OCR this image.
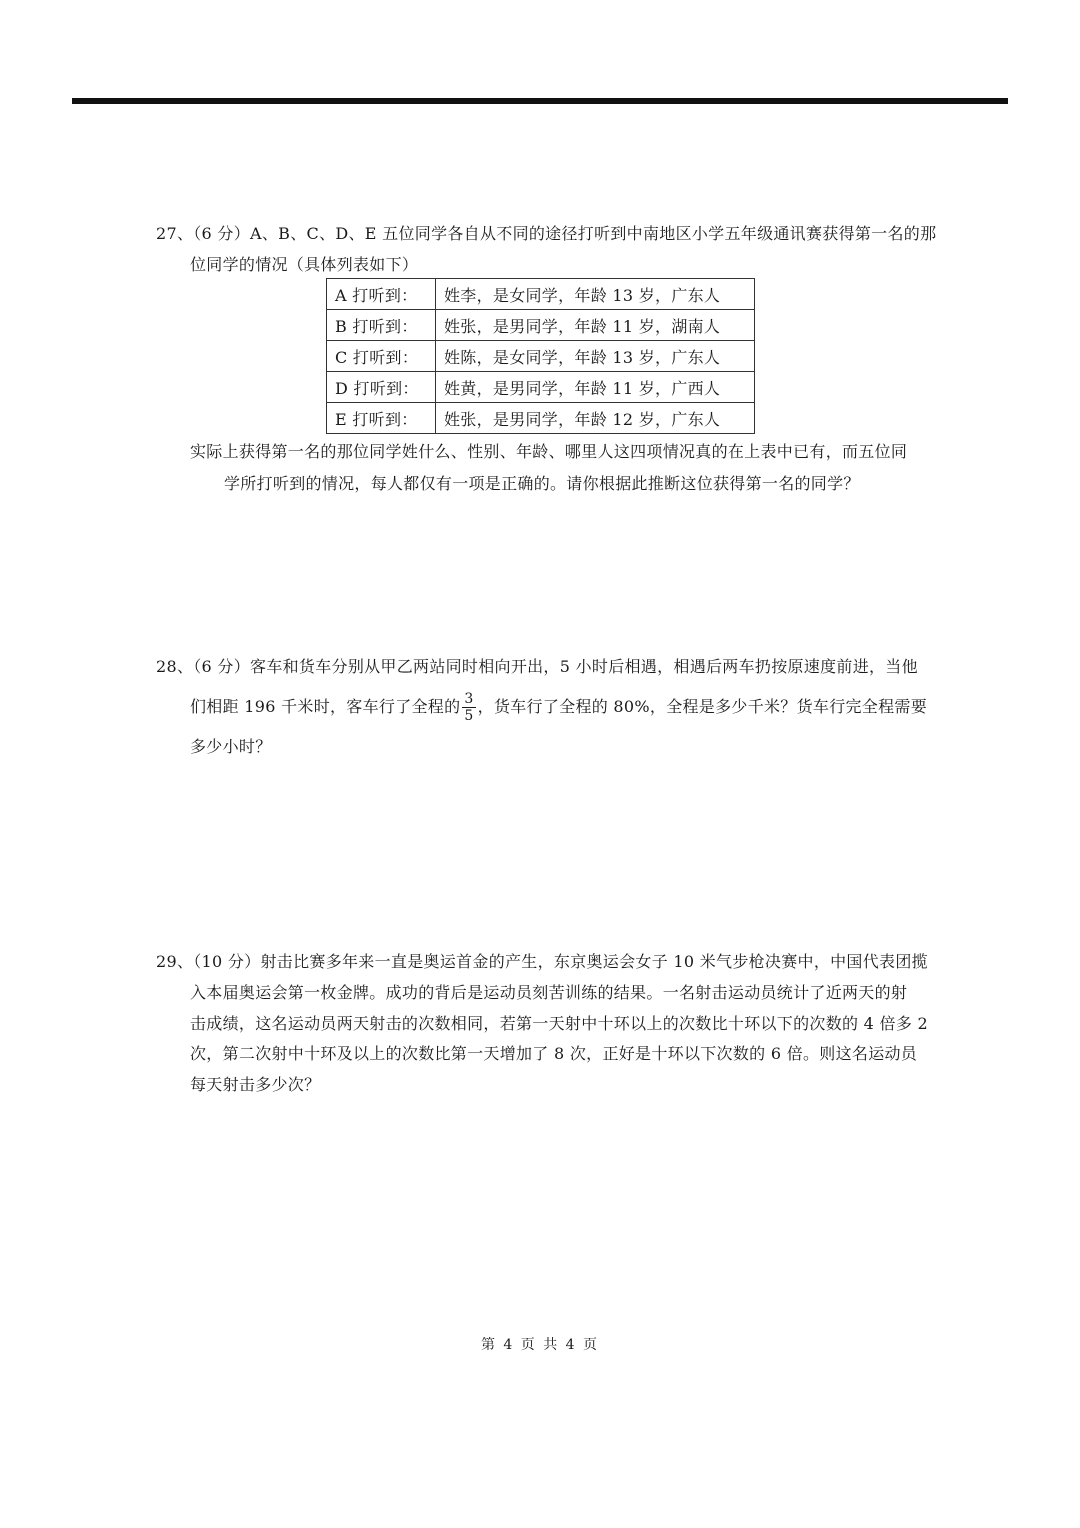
27、（6 分）A、B、C、D、E 五位同学各自从不同的途径打听到中南地区小学五年级通讯赛获得第一名的那
位同学的情况（具体列表如下）
A 打听到：	姓李，是女同学，年龄 13 岁，广东人
B 打听到：	姓张，是男同学，年龄 11 岁，湖南人
C 打听到：	姓陈，是女同学，年龄 13 岁，广东人
D 打听到：	姓黄，是男同学，年龄 11 岁，广西人
E 打听到：	姓张，是男同学，年龄 12 岁，广东人
实际上获得第一名的那位同学姓什么、性别、年龄、哪里人这四项情况真的在上表中已有，而五位同
学所打听到的情况，每人都仅有一项是正确的。请你根据此推断这位获得第一名的同学？
28、（6 分）客车和货车分别从甲乙两站同时相向开出，5 小时后相遇，相遇后两车扔按原速度前进，当他
们相距 196 千米时，客车行了全程的 $\frac{3}{5}$ ，货车行了全程的 80%，全程是多少千米？货车行完全程需要
多少小时？
29、（10 分）射击比赛多年来一直是奥运首金的产生，东京奥运会女子 10 米气步枪决赛中，中国代表团揽
入本届奥运会第一枚金牌。成功的背后是运动员刻苦训练的结果。一名射击运动员统计了近两天的射
击成绩，这名运动员两天射击的次数相同，若第一天射中十环以上的次数比十环以下的次数的 4 倍多 2
次，第二次射中十环及以上的次数比第一天增加了 8 次，正好是十环以下次数的 6 倍。则这名运动员
每天射击多少次？
第 4 页 共 4 页
